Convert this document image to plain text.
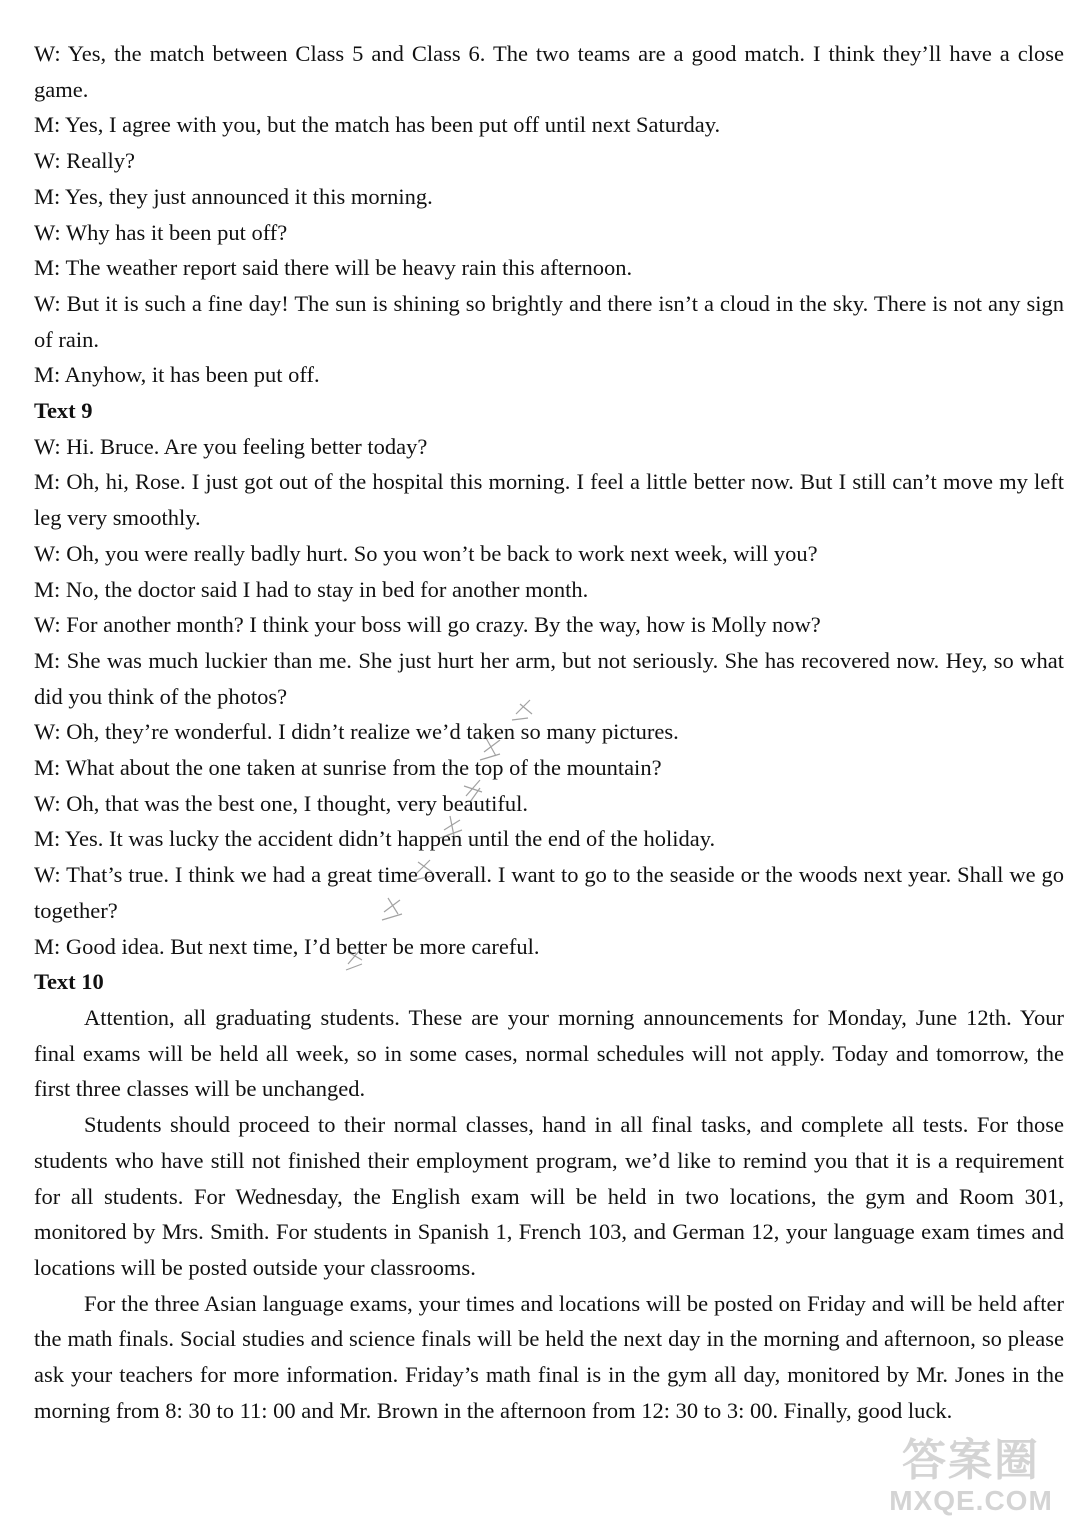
W: Yes, the match between Class 5 and Class 6. The two teams are a good match. I think they’ll have a close game.
M: Yes, I agree with you, but the match has been put off until next Saturday.
W: Really?
M: Yes, they just announced it this morning.
W: Why has it been put off?
M: The weather report said there will be heavy rain this afternoon.
W: But it is such a fine day! The sun is shining so brightly and there isn’t a cloud in the sky. There is not any sign of rain.
M: Anyhow, it has been put off.
Text 9
W: Hi. Bruce. Are you feeling better today?
M: Oh, hi, Rose. I just got out of the hospital this morning. I feel a little better now. But I still can’t move my left leg very smoothly.
W: Oh, you were really badly hurt. So you won’t be back to work next week, will you?
M: No, the doctor said I had to stay in bed for another month.
W: For another month? I think your boss will go crazy. By the way, how is Molly now?
M: She was much luckier than me. She just hurt her arm, but not seriously. She has recovered now. Hey, so what did you think of the photos?
W: Oh, they’re wonderful. I didn’t realize we’d taken so many pictures.
M: What about the one taken at sunrise from the top of the mountain?
W: Oh, that was the best one, I thought, very beautiful.
M: Yes. It was lucky the accident didn’t happen until the end of the holiday.
W: That’s true. I think we had a great time overall. I want to go to the seaside or the woods next year. Shall we go together?
M: Good idea. But next time, I’d better be more careful.
Text 10
Attention, all graduating students. These are your morning announcements for Monday, June 12th. Your final exams will be held all week, so in some cases, normal schedules will not apply. Today and tomorrow, the first three classes will be unchanged.
Students should proceed to their normal classes, hand in all final tasks, and complete all tests. For those students who have still not finished their employment program, we’d like to remind you that it is a requirement for all students. For Wednesday, the English exam will be held in two locations, the gym and Room 301, monitored by Mrs. Smith. For students in Spanish 1, French 103, and German 12, your language exam times and locations will be posted outside your classrooms.
For the three Asian language exams, your times and locations will be posted on Friday and will be held after the math finals. Social studies and science finals will be held the next day in the morning and afternoon, so please ask your teachers for more information. Friday’s math final is in the gym all day, monitored by Mr. Jones in the morning from 8: 30 to 11: 00 and Mr. Brown in the afternoon from 12: 30 to 3: 00. Finally, good luck.
答案圈
MXQE.COM
